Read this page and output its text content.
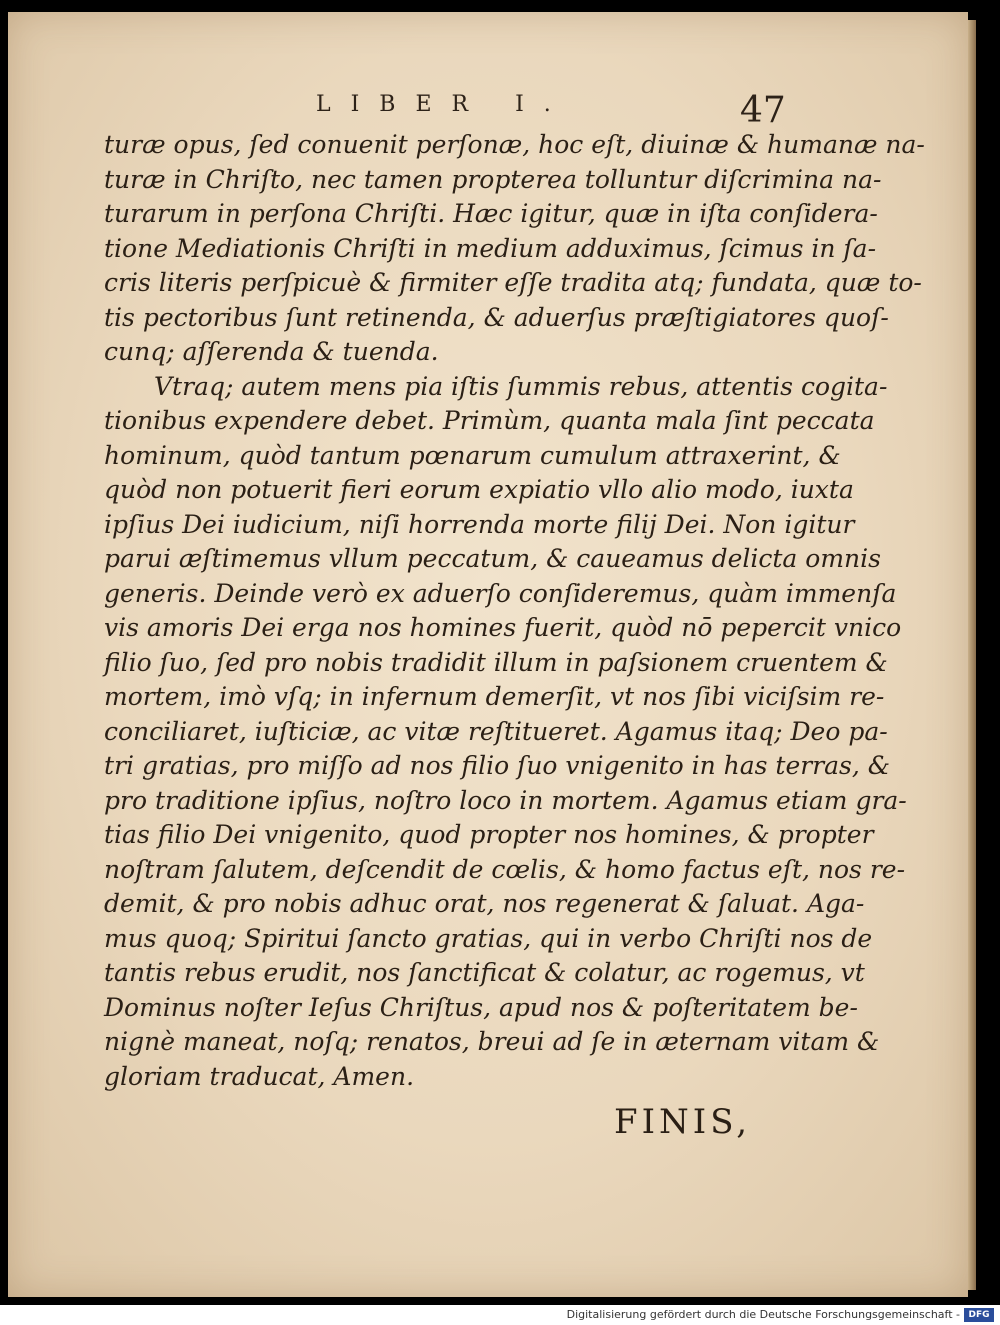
LIBER I.	47
turæ opus, ſed conuenit perſonæ, hoc eſt, diuinæ & humanæ na-
turæ in Chriſto, nec tamen propterea tolluntur diſcrimina na-
turarum in perſona Chriſti. Hæc igitur, quæ in iſta conſidera-
tione Mediationis Chriſti in medium adduximus, ſcimus in ſa-
cris literis perſpicuè & firmiter eſſe tradita atq; fundata, quæ to-
tis pectoribus ſunt retinenda, & aduerſus præſtigiatores quoſ-
cunq; aſſerenda & tuenda.
Vtraq; autem mens pia iſtis ſummis rebus, attentis cogita-
tionibus expendere debet. Primùm, quanta mala ſint peccata
hominum, quòd tantum pœnarum cumulum attraxerint, &
quòd non potuerit fieri eorum expiatio vllo alio modo, iuxta
ipſius Dei iudicium, niſi horrenda morte filij Dei. Non igitur
parui æſtimemus vllum peccatum, & caueamus delicta omnis
generis. Deinde verò ex aduerſo conſideremus, quàm immenſa
vis amoris Dei erga nos homines fuerit, quòd nō pepercit vnico
filio ſuo, ſed pro nobis tradidit illum in paſsionem cruentem &
mortem, imò vſq; in infernum demerſit, vt nos ſibi viciſsim re-
conciliaret, iuſticiæ, ac vitæ reſtitueret. Agamus itaq; Deo pa-
tri gratias, pro miſſo ad nos filio ſuo vnigenito in has terras, &
pro traditione ipſius, noſtro loco in mortem. Agamus etiam gra-
tias filio Dei vnigenito, quod propter nos homines, & propter
noſtram ſalutem, deſcendit de cœlis, & homo factus eſt, nos re-
demit, & pro nobis adhuc orat, nos regenerat & ſaluat. Aga-
mus quoq; Spiritui ſancto gratias, qui in verbo Chriſti nos de
tantis rebus erudit, nos ſanctificat & colatur, ac rogemus, vt
Dominus noſter Ieſus Chriſtus, apud nos & poſteritatem be-
nignè maneat, noſq; renatos, breui ad ſe in æternam vitam &
gloriam traducat, Amen.
FINIS,
Digitalisierung gefördert durch die Deutsche Forschungsgemeinschaft - DFG
